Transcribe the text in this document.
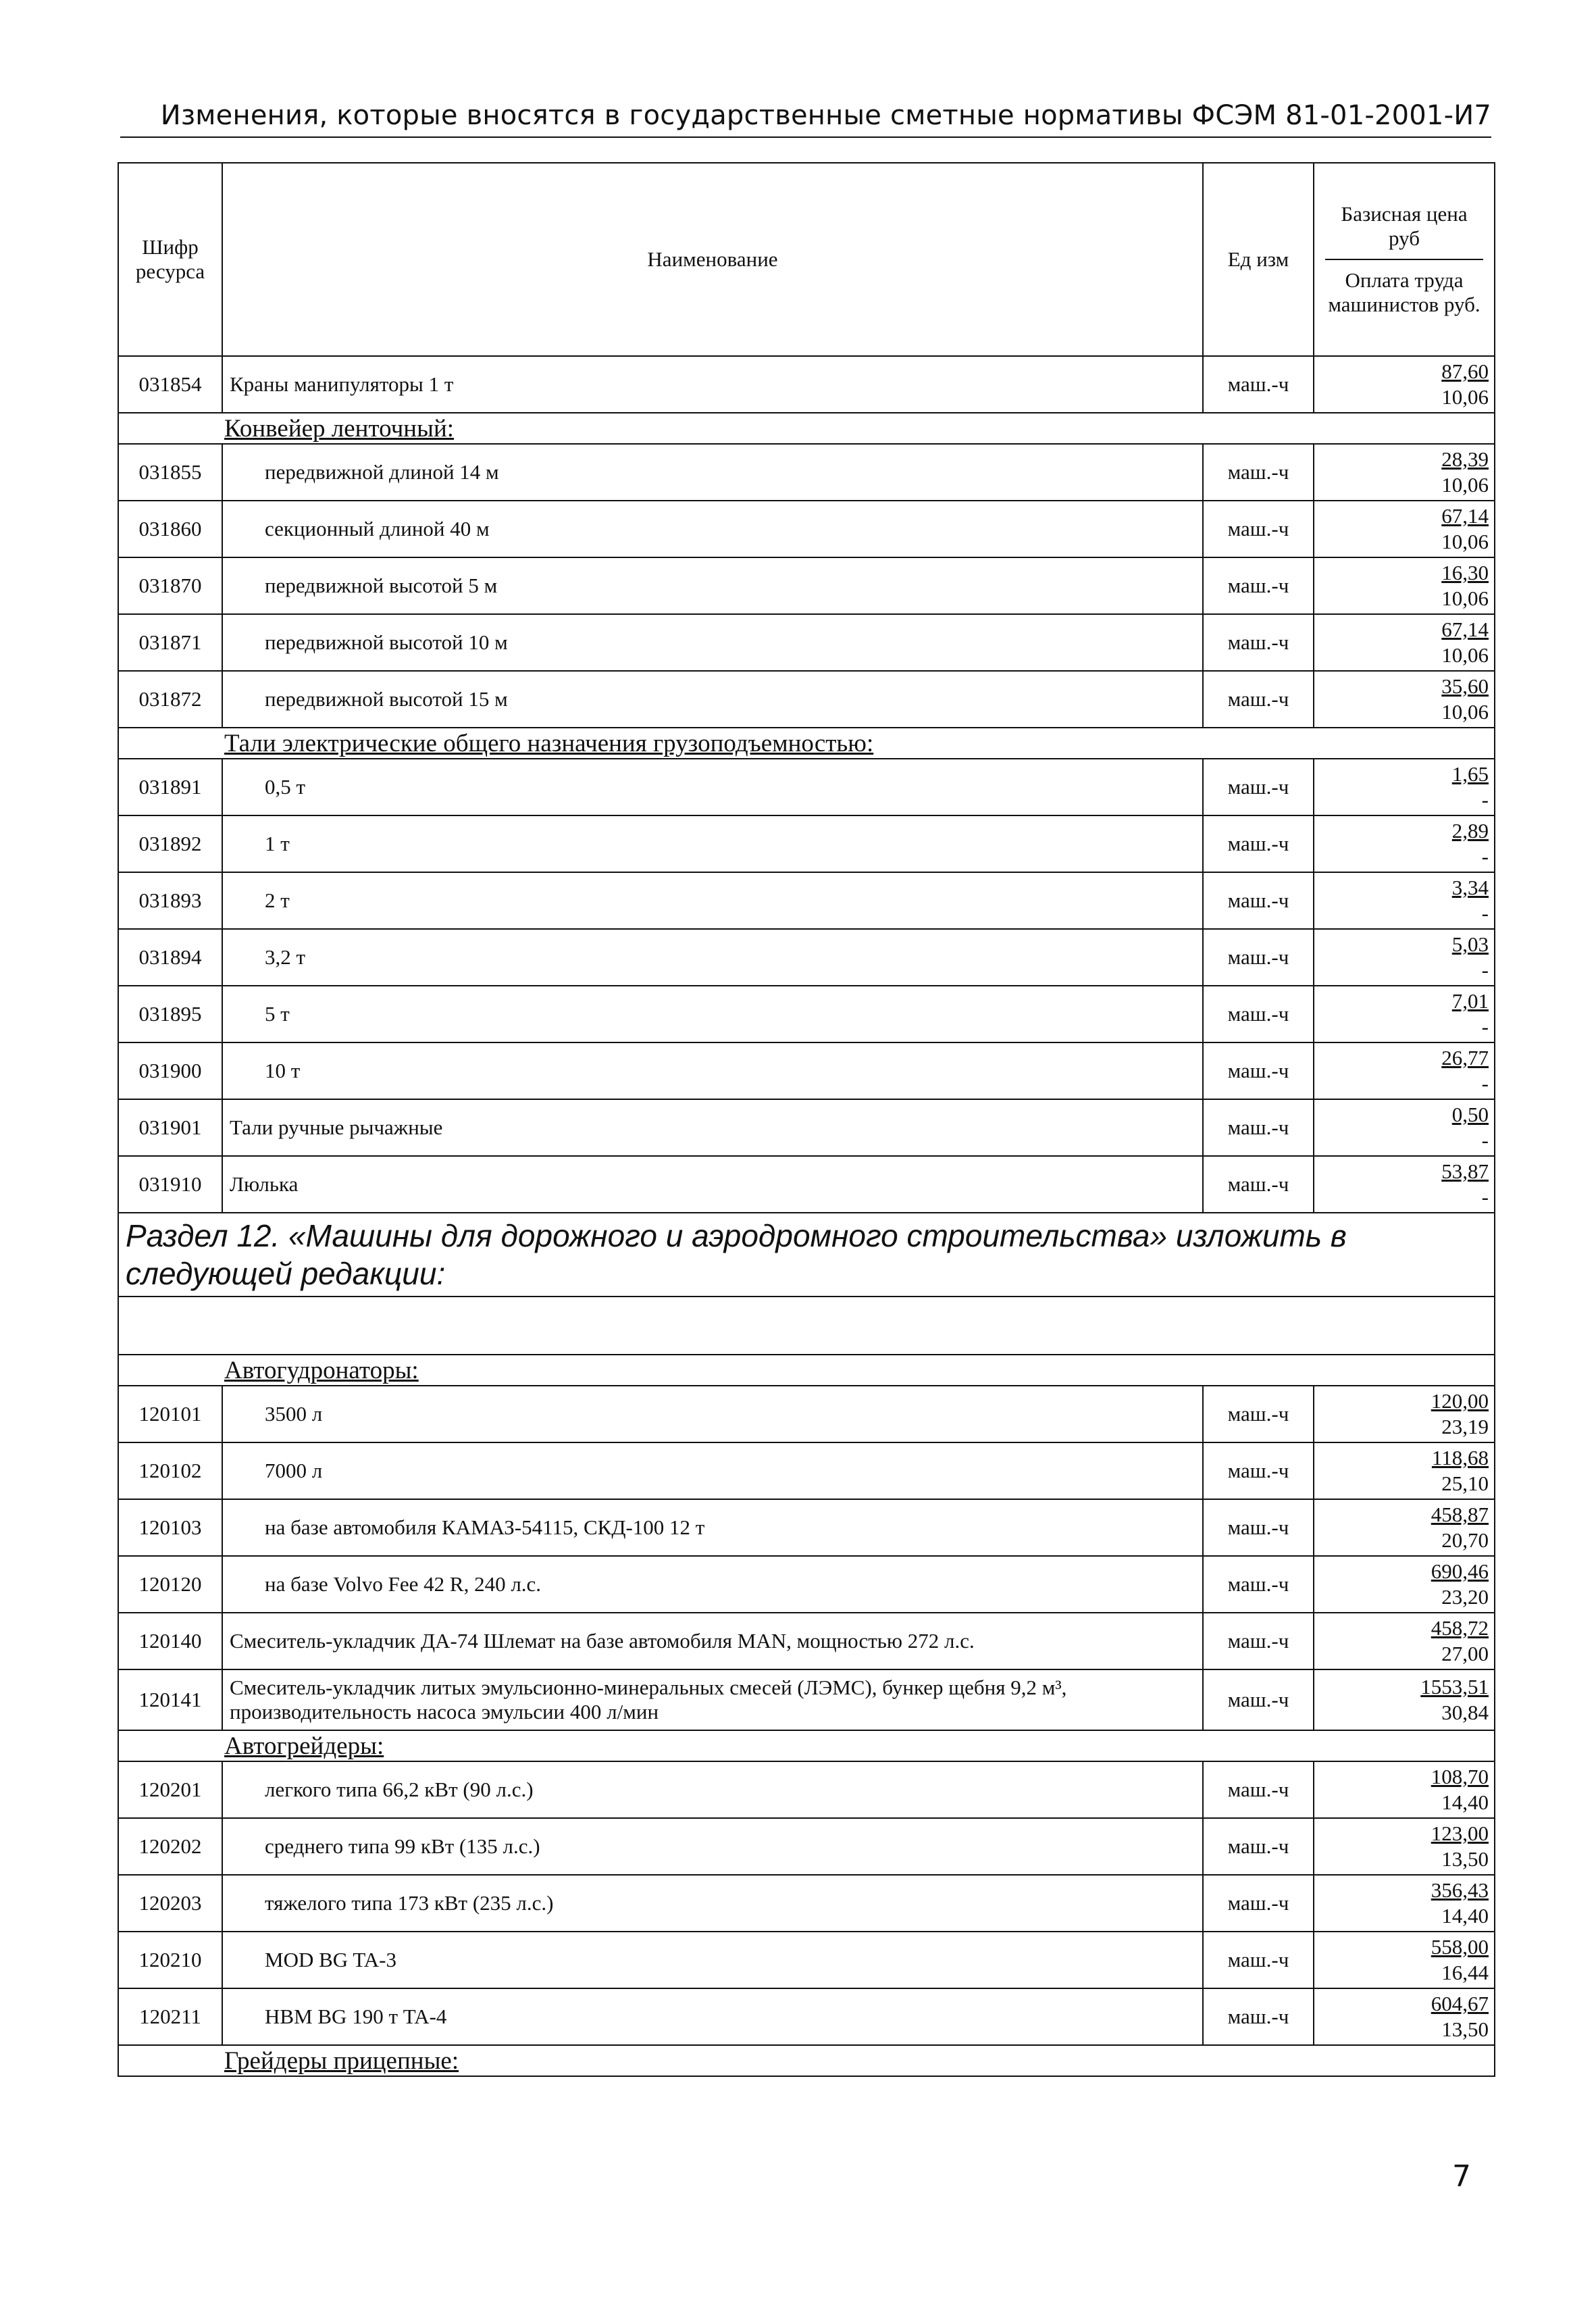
Изменения, которые вносятся в государственные сметные нормативы ФСЭМ 81-01-2001-И7
Шифр ресурса	Наименование	Ед изм	Базисная цена руб
Оплата труда машинистов руб.

031854	Краны манипуляторы 1 т	маш.-ч	87,60
10,06

Конвейер ленточный:			
031855	передвижной длиной 14 м	маш.-ч	28,39
10,06

031860	секционный длиной 40 м	маш.-ч	67,14
10,06

031870	передвижной высотой 5 м	маш.-ч	16,30
10,06

031871	передвижной высотой 10 м	маш.-ч	67,14
10,06

031872	передвижной высотой 15 м	маш.-ч	35,60
10,06

Тали электрические общего назначения грузоподъемностью:			
031891	0,5 т	маш.-ч	1,65
-

031892	1 т	маш.-ч	2,89
-

031893	2 т	маш.-ч	3,34
-

031894	3,2 т	маш.-ч	5,03
-

031895	5 т	маш.-ч	7,01
-

031900	10 т	маш.-ч	26,77
-

031901	Тали ручные рычажные	маш.-ч	0,50
-

031910	Люлька	маш.-ч	53,87
-

Раздел 12. «Машины для дорожного и аэродромного строительства» изложить в следующей редакции:			

Автогудронаторы:			
120101	3500 л	маш.-ч	120,00
23,19

120102	7000 л	маш.-ч	118,68
25,10

120103	на базе автомобиля КАМАЗ-54115, СКД-100 12 т	маш.-ч	458,87
20,70

120120	на базе Volvo Fee 42 R, 240 л.с.	маш.-ч	690,46
23,20

120140	Смеситель-укладчик ДА-74 Шлемат на базе автомобиля MAN, мощностью 272 л.с.	маш.-ч	458,72
27,00

120141	Смеситель-укладчик литых эмульсионно-минеральных смесей (ЛЭМС), бункер щебня 9,2 м³, производительность насоса эмульсии 400 л/мин	маш.-ч	1553,51
30,84

Автогрейдеры:			
120201	легкого типа 66,2 кВт (90 л.с.)	маш.-ч	108,70
14,40

120202	среднего типа 99 кВт (135 л.с.)	маш.-ч	123,00
13,50

120203	тяжелого типа 173 кВт (235 л.с.)	маш.-ч	356,43
14,40

120210	MOD BG TA-3	маш.-ч	558,00
16,44

120211	HBM BG 190 т TA-4	маш.-ч	604,67
13,50

Грейдеры прицепные:			
7
